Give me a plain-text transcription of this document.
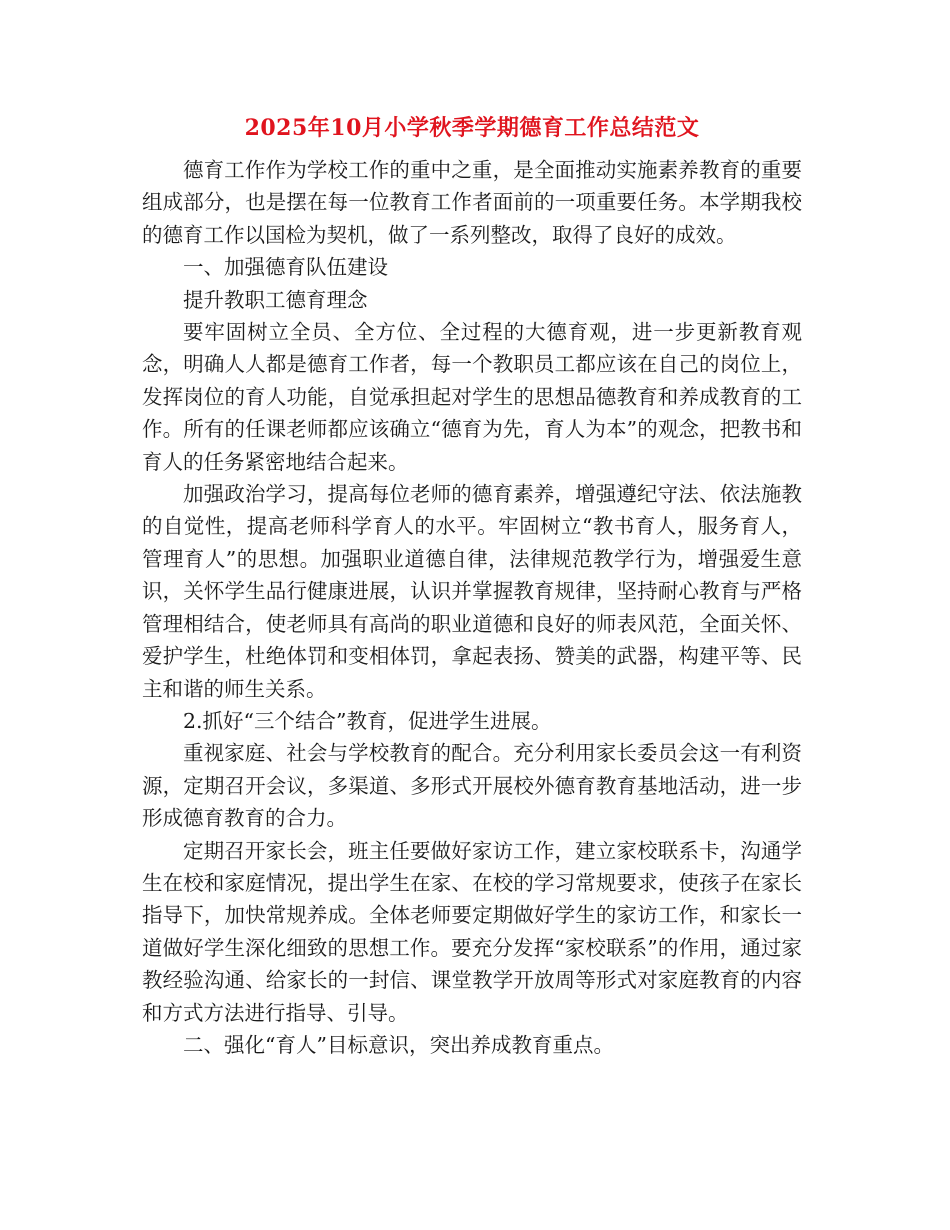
2025年10月小学秋季学期德育工作总结范文

德育工作作为学校工作的重中之重，是全面推动实施素养教育的重要组成部分，也是摆在每一位教育工作者面前的一项重要任务。本学期我校的德育工作以国检为契机，做了一系列整改，取得了良好的成效。

一、加强德育队伍建设

提升教职工德育理念

要牢固树立全员、全方位、全过程的大德育观，进一步更新教育观念，明确人人都是德育工作者，每一个教职员工都应该在自己的岗位上，发挥岗位的育人功能，自觉承担起对学生的思想品德教育和养成教育的工作。所有的任课老师都应该确立“德育为先，育人为本”的观念，把教书和育人的任务紧密地结合起来。

加强政治学习，提高每位老师的德育素养，增强遵纪守法、依法施教的自觉性，提高老师科学育人的水平。牢固树立“教书育人，服务育人，管理育人”的思想。加强职业道德自律，法律规范教学行为，增强爱生意识，关怀学生品行健康进展，认识并掌握教育规律，坚持耐心教育与严格管理相结合，使老师具有高尚的职业道德和良好的师表风范，全面关怀、爱护学生，杜绝体罚和变相体罚，拿起表扬、赞美的武器，构建平等、民主和谐的师生关系。

2.抓好“三个结合”教育，促进学生进展。

重视家庭、社会与学校教育的配合。充分利用家长委员会这一有利资源，定期召开会议，多渠道、多形式开展校外德育教育基地活动，进一步形成德育教育的合力。

定期召开家长会，班主任要做好家访工作，建立家校联系卡，沟通学生在校和家庭情况，提出学生在家、在校的学习常规要求，使孩子在家长指导下，加快常规养成。全体老师要定期做好学生的家访工作，和家长一道做好学生深化细致的思想工作。要充分发挥“家校联系”的作用，通过家教经验沟通、给家长的一封信、课堂教学开放周等形式对家庭教育的内容和方式方法进行指导、引导。

二、强化“育人”目标意识，突出养成教育重点。
